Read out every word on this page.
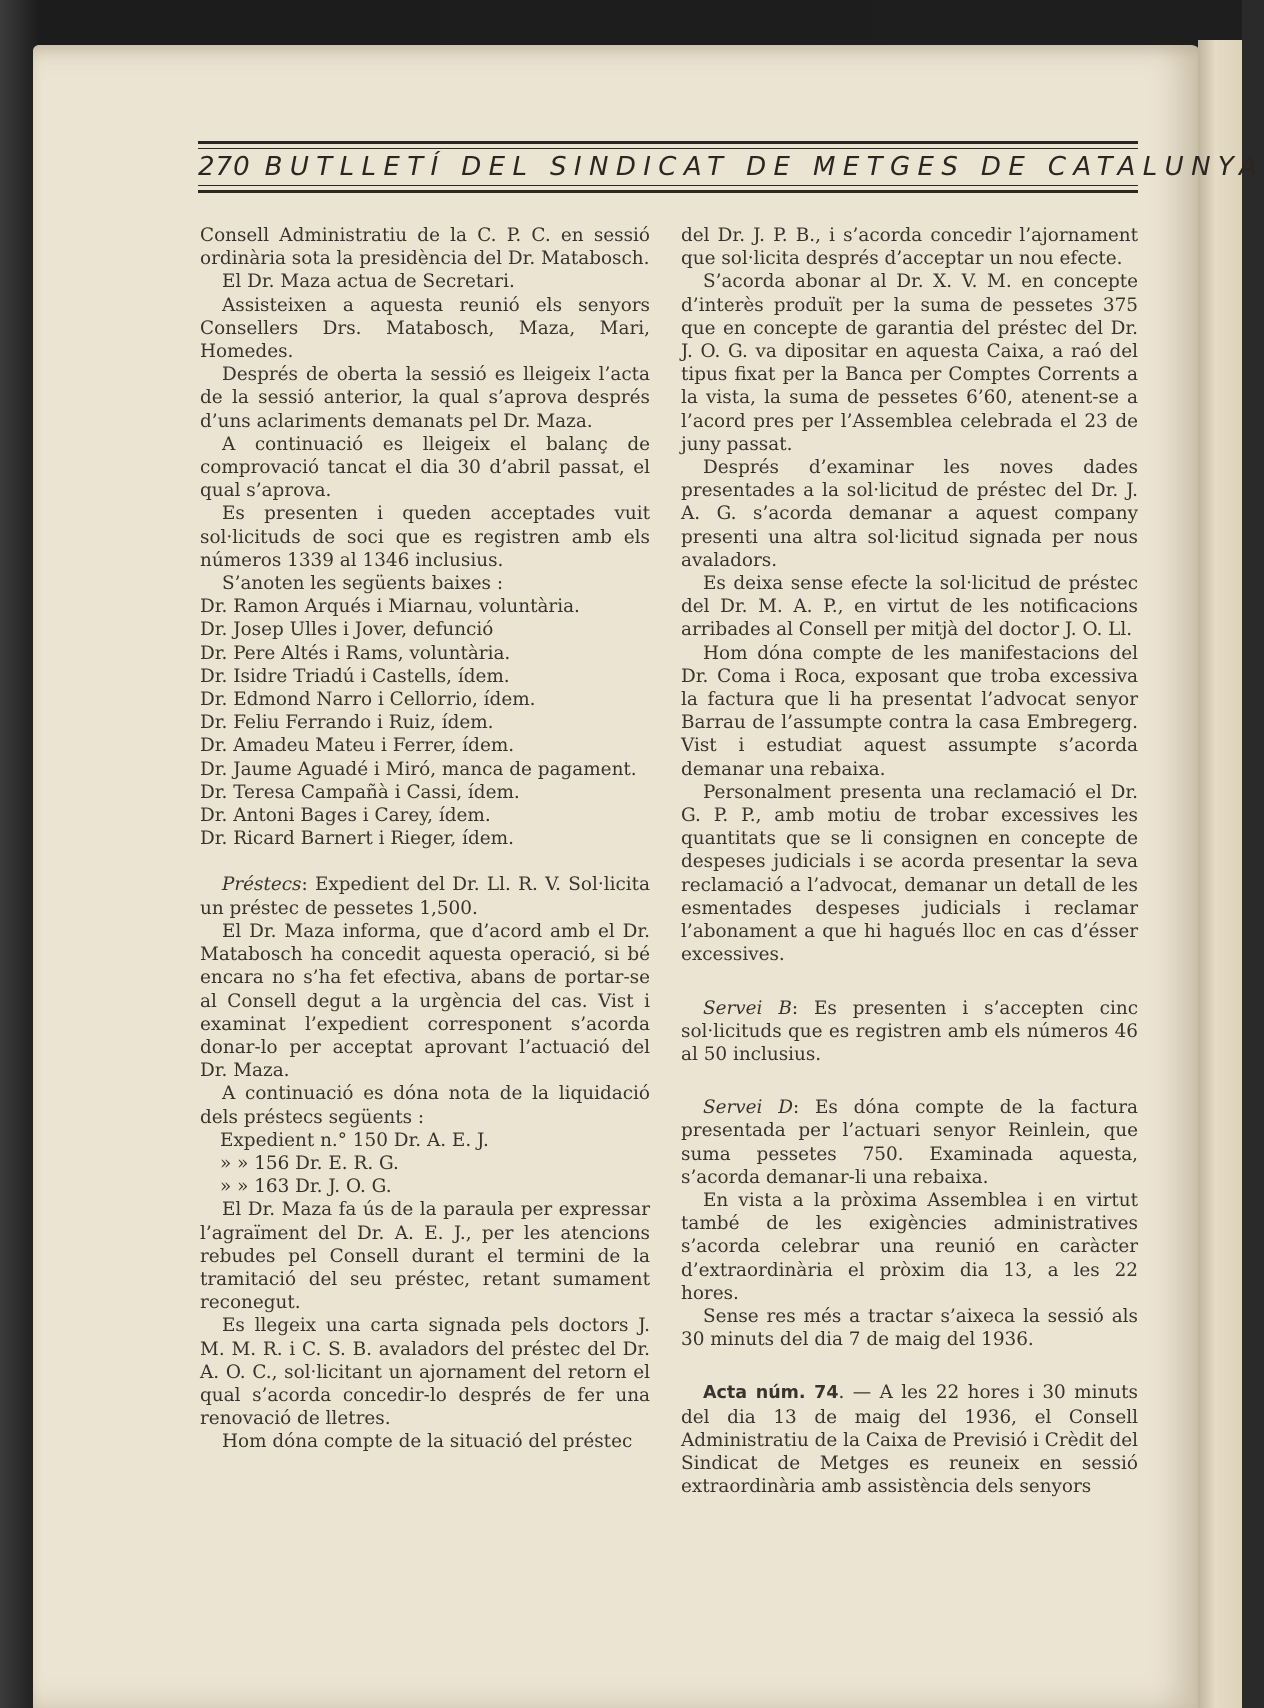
270 BUTLLETÍ DEL SINDICAT DE METGES DE CATALUNYA

Consell Administratiu de la C. P. C. en sessió ordinària sota la presidència del Dr. Matabosch.

El Dr. Maza actua de Secretari.

Assisteixen a aquesta reunió els senyors Consellers Drs. Matabosch, Maza, Mari, Homedes.

Després de oberta la sessió es lleigeix l’acta de la sessió anterior, la qual s’aprova després d’uns aclariments demanats pel Dr. Maza.

A continuació es lleigeix el balanç de comprovació tancat el dia 30 d’abril passat, el qual s’aprova.

Es presenten i queden acceptades vuit sol·licituds de soci que es registren amb els números 1339 al 1346 inclusius.

S’anoten les següents baixes :

Dr. Ramon Arqués i Miarnau, voluntària.

Dr. Josep Ulles i Jover, defunció

Dr. Pere Altés i Rams, voluntària.

Dr. Isidre Triadú i Castells, ídem.

Dr. Edmond Narro i Cellorrio, ídem.

Dr. Feliu Ferrando i Ruiz, ídem.

Dr. Amadeu Mateu i Ferrer, ídem.

Dr. Jaume Aguadé i Miró, manca de pagament.

Dr. Teresa Campañà i Cassi, ídem.

Dr. Antoni Bages i Carey, ídem.

Dr. Ricard Barnert i Rieger, ídem.

Préstecs: Expedient del Dr. Ll. R. V. Sol·licita un préstec de pessetes 1,500.

El Dr. Maza informa, que d’acord amb el Dr. Matabosch ha concedit aquesta operació, si bé encara no s’ha fet efectiva, abans de portar-se al Consell degut a la urgència del cas. Vist i examinat l’expedient corresponent s’acorda donar-lo per acceptat aprovant l’actuació del Dr. Maza.

A continuació es dóna nota de la liquidació dels préstecs següents :

Expedient n.° 150 Dr. A. E. J.

» » 156 Dr. E. R. G.

» » 163 Dr. J. O. G.

El Dr. Maza fa ús de la paraula per expressar l’agraïment del Dr. A. E. J., per les atencions rebudes pel Consell durant el termini de la tramitació del seu préstec, retant sumament reconegut.

Es llegeix una carta signada pels doctors J. M. M. R. i C. S. B. avaladors del préstec del Dr. A. O. C., sol·licitant un ajornament del retorn el qual s’acorda concedir-lo després de fer una renovació de lletres.

Hom dóna compte de la situació del préstec

del Dr. J. P. B., i s’acorda concedir l’ajornament que sol·licita després d’acceptar un nou efecte.

S’acorda abonar al Dr. X. V. M. en concepte d’interès produït per la suma de pessetes 375 que en concepte de garantia del préstec del Dr. J. O. G. va dipositar en aquesta Caixa, a raó del tipus fixat per la Banca per Comptes Corrents a la vista, la suma de pessetes 6’60, atenent-se a l’acord pres per l’Assemblea celebrada el 23 de juny passat.

Després d’examinar les noves dades presentades a la sol·licitud de préstec del Dr. J. A. G. s’acorda demanar a aquest company presenti una altra sol·licitud signada per nous avaladors.

Es deixa sense efecte la sol·licitud de préstec del Dr. M. A. P., en virtut de les notificacions arribades al Consell per mitjà del doctor J. O. Ll.

Hom dóna compte de les manifestacions del Dr. Coma i Roca, exposant que troba excessiva la factura que li ha presentat l’advocat senyor Barrau de l’assumpte contra la casa Embregerg. Vist i estudiat aquest assumpte s’acorda demanar una rebaixa.

Personalment presenta una reclamació el Dr. G. P. P., amb motiu de trobar excessives les quantitats que se li consignen en concepte de despeses judicials i se acorda presentar la seva reclamació a l’advocat, demanar un detall de les esmentades despeses judicials i reclamar l’abonament a que hi hagués lloc en cas d’ésser excessives.

Servei B: Es presenten i s’accepten cinc sol·licituds que es registren amb els números 46 al 50 inclusius.

Servei D: Es dóna compte de la factura presentada per l’actuari senyor Reinlein, que suma pessetes 750. Examinada aquesta, s’acorda demanar-li una rebaixa.

En vista a la pròxima Assemblea i en virtut també de les exigències administratives s’acorda celebrar una reunió en caràcter d’extraordinària el pròxim dia 13, a les 22 hores.

Sense res més a tractar s’aixeca la sessió als 30 minuts del dia 7 de maig del 1936.

Acta núm. 74. — A les 22 hores i 30 minuts del dia 13 de maig del 1936, el Consell Administratiu de la Caixa de Previsió i Crèdit del Sindicat de Metges es reuneix en sessió extraordinària amb assistència dels senyors
